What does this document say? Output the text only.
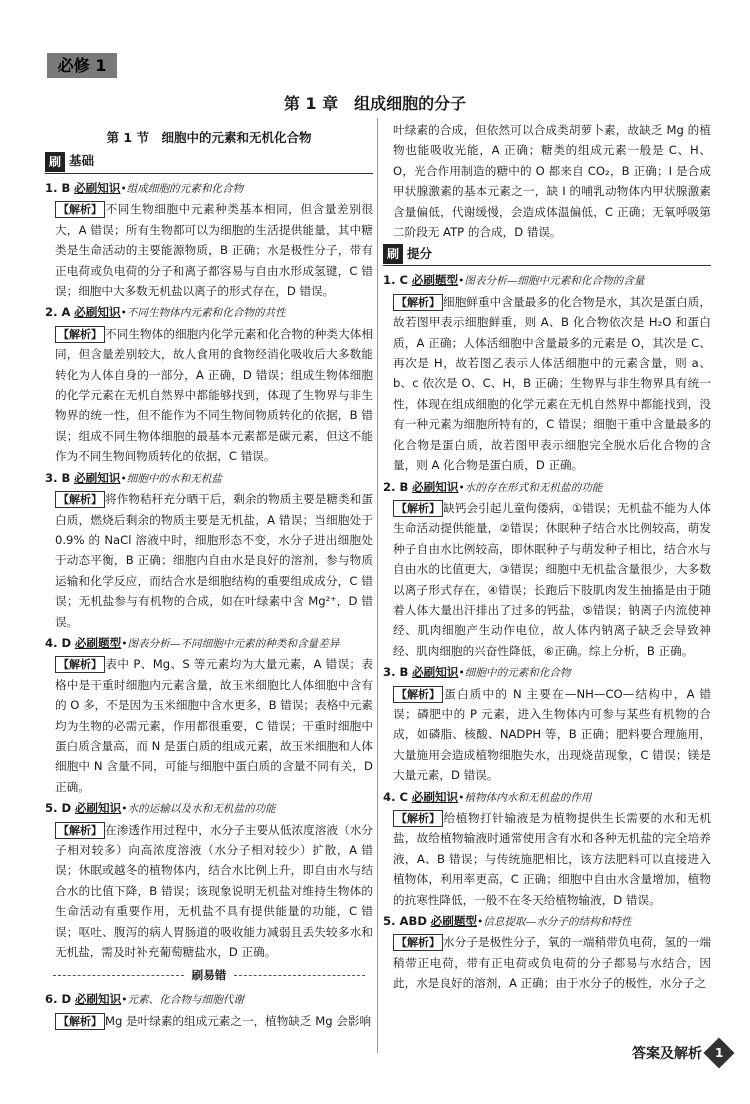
必修 1
第 1 章　组成细胞的分子
第 1 节　细胞中的元素和无机化合物
刷 基础
1. B 必刷知识•组成细胞的元素和化合物
【解析】 不同生物细胞中元素种类基本相同，但含量差别很大，A 错误；所有生物都可以为细胞的生活提供能量，其中糖类是生命活动的主要能源物质，B 正确；水是极性分子，带有正电荷或负电荷的分子和离子都容易与自由水形成氢键，C 错误；细胞中大多数无机盐以离子的形式存在，D 错误。
2. A 必刷知识•不同生物体内元素和化合物的共性
【解析】 不同生物体的细胞内化学元素和化合物的种类大体相同，但含量差别较大，故人食用的食物经消化吸收后大多数能转化为人体自身的一部分，A 正确，D 错误；组成生物体细胞的化学元素在无机自然界中都能够找到，体现了生物界与非生物界的统一性，但不能作为不同生物间物质转化的依据，B 错误；组成不同生物体细胞的最基本元素都是碳元素，但这不能作为不同生物间物质转化的依据，C 错误。
3. B 必刷知识•细胞中的水和无机盐
【解析】 将作物秸秆充分晒干后，剩余的物质主要是糖类和蛋白质，燃烧后剩余的物质主要是无机盐，A 错误；当细胞处于 0.9% 的 NaCl 溶液中时，细胞形态不变，水分子进出细胞处于动态平衡，B 正确；细胞内自由水是良好的溶剂，参与物质运输和化学反应，而结合水是细胞结构的重要组成成分，C 错误；无机盐参与有机物的合成，如在叶绿素中含 Mg²⁺，D 错误。
4. D 必刷题型•图表分析—不同细胞中元素的种类和含量差异
【解析】 表中 P、Mg、S 等元素均为大量元素，A 错误；表格中是干重时细胞内元素含量，故玉米细胞比人体细胞中含有的 O 多，不是因为玉米细胞中含水更多，B 错误；表格中元素均为生物的必需元素，作用都很重要，C 错误；干重时细胞中蛋白质含量高，而 N 是蛋白质的组成元素，故玉米细胞和人体细胞中 N 含量不同，可能与细胞中蛋白质的含量不同有关，D 正确。
5. D 必刷知识•水的运输以及水和无机盐的功能
【解析】 在渗透作用过程中，水分子主要从低浓度溶液（水分子相对较多）向高浓度溶液（水分子相对较少）扩散，A 错误；休眠或越冬的植物体内，结合水比例上升，即自由水与结合水的比值下降，B 错误；该现象说明无机盐对维持生物体的生命活动有重要作用，无机盐不具有提供能量的功能，C 错误；呕吐、腹泻的病人胃肠道的吸收能力减弱且丢失较多水和无机盐，需及时补充葡萄糖盐水，D 正确。
刷易错
6. D 必刷知识•元素、化合物与细胞代谢
【解析】 Mg 是叶绿素的组成元素之一，植物缺乏 Mg 会影响
叶绿素的合成，但依然可以合成类胡萝卜素，故缺乏 Mg 的植物也能吸收光能，A 正确；糖类的组成元素一般是 C、H、O，光合作用制造的糖中的 O 都来自 CO₂，B 正确；I 是合成甲状腺激素的基本元素之一，缺 I 的哺乳动物体内甲状腺激素含量偏低，代谢缓慢，会造成体温偏低，C 正确；无氧呼吸第二阶段无 ATP 的合成，D 错误。
刷 提分
1. C 必刷题型•图表分析—细胞中元素和化合物的含量
【解析】 细胞鲜重中含量最多的化合物是水，其次是蛋白质，故若图甲表示细胞鲜重，则 A、B 化合物依次是 H₂O 和蛋白质，A 正确；人体活细胞中含量最多的元素是 O，其次是 C、再次是 H，故若图乙表示人体活细胞中的元素含量，则 a、b、c 依次是 O、C、H，B 正确；生物界与非生物界具有统一性，体现在组成细胞的化学元素在无机自然界中都能找到，没有一种元素为细胞所特有的，C 错误；细胞干重中含量最多的化合物是蛋白质，故若图甲表示细胞完全脱水后化合物的含量，则 A 化合物是蛋白质，D 正确。
2. B 必刷知识•水的存在形式和无机盐的功能
【解析】 缺钙会引起儿童佝偻病，①错误；无机盐不能为人体生命活动提供能量，②错误；休眠种子结合水比例较高，萌发种子自由水比例较高，即休眠种子与萌发种子相比，结合水与自由水的比值更大，③错误；细胞中无机盐含量很少，大多数以离子形式存在，④错误；长跑后下肢肌肉发生抽搐是由于随着人体大量出汗排出了过多的钙盐，⑤错误；钠离子内流使神经、肌肉细胞产生动作电位，故人体内钠离子缺乏会导致神经、肌肉细胞的兴奋性降低，⑥正确。综上分析，B 正确。
3. B 必刷知识•细胞中的元素和化合物
【解析】 蛋白质中的 N 主要在—NH—CO—结构中，A 错误；磷肥中的 P 元素，进入生物体内可参与某些有机物的合成，如磷脂、核酸、NADPH 等，B 正确；肥料要合理施用，大量施用会造成植物细胞失水，出现烧苗现象，C 错误；镁是大量元素，D 错误。
4. C 必刷知识•植物体内水和无机盐的作用
【解析】 给植物打针输液是为植物提供生长需要的水和无机盐，故给植物输液时通常使用含有水和各种无机盐的完全培养液，A、B 错误；与传统施肥相比，该方法肥料可以直接进入植物体，利用率更高，C 正确；细胞中自由水含量增加，植物的抗寒性降低，一般不在冬天给植物输液，D 错误。
5. ABD 必刷题型•信息提取—水分子的结构和特性
【解析】 水分子是极性分子，氧的一端稍带负电荷，氢的一端稍带正电荷，带有正电荷或负电荷的分子都易与水结合，因此，水是良好的溶剂，A 正确；由于水分子的极性，水分子之
答案及解析 1
